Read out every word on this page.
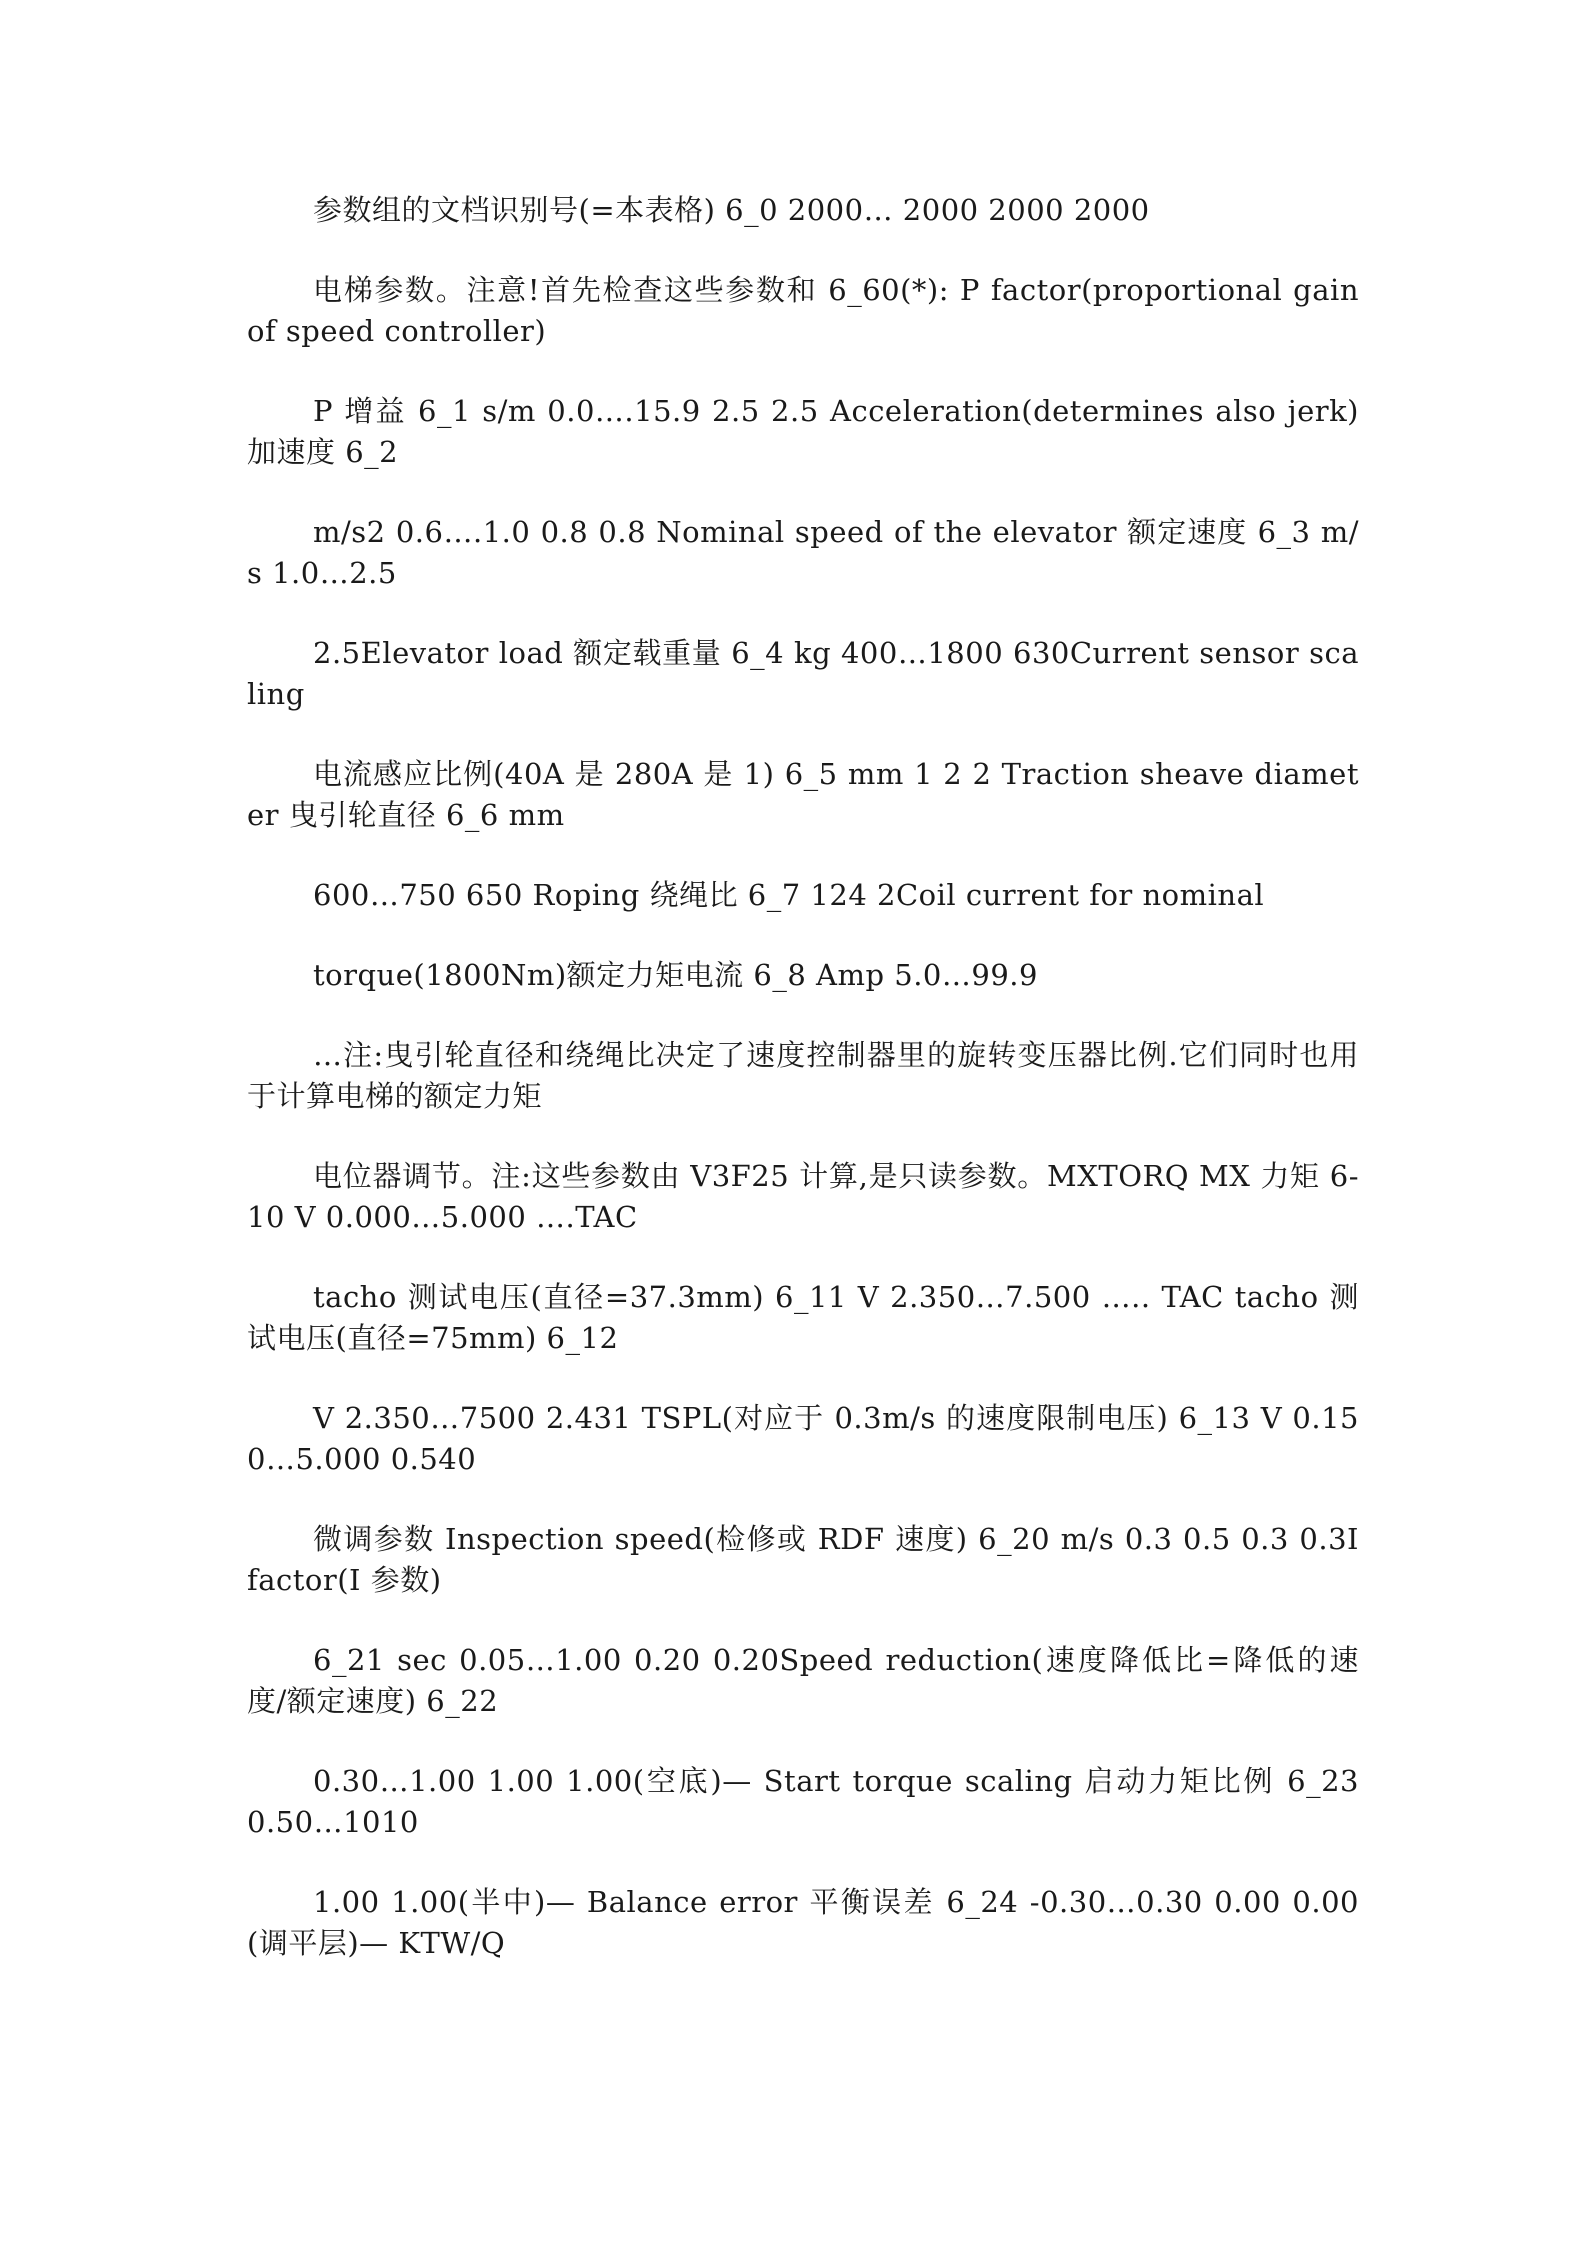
参数组的文档识别号(=本表格) 6_0 2000… 2000 2000 2000

电梯参数。注意!首先检查这些参数和 6_60(*): P factor(proportional gain of speed controller)

P 增益 6_1 s/m 0.0….15.9 2.5 2.5 Acceleration(determines also jerk)加速度 6_2

m/s2 0.6….1.0 0.8 0.8 Nominal speed of the elevator 额定速度 6_3 m/s 1.0…2.5

2.5Elevator load 额定载重量 6_4 kg 400…1800 630Current sensor scaling

电流感应比例(40A 是 280A 是 1) 6_5 mm 1 2 2 Traction sheave diameter 曳引轮直径 6_6 mm

600…750 650 Roping 绕绳比 6_7 124 2Coil current for nominal

torque(1800Nm)额定力矩电流 6_8 Amp 5.0…99.9

…注:曳引轮直径和绕绳比决定了速度控制器里的旋转变压器比例.它们同时也用于计算电梯的额定力矩

电位器调节。注:这些参数由 V3F25 计算,是只读参数。MXTORQ MX 力矩 6-10 V 0.000…5.000 ….TAC

tacho 测试电压(直径=37.3mm) 6_11 V 2.350…7.500 ….. TAC tacho 测试电压(直径=75mm) 6_12

V 2.350…7500 2.431 TSPL(对应于 0.3m/s 的速度限制电压) 6_13 V 0.150…5.000 0.540

微调参数 Inspection speed(检修或 RDF 速度) 6_20 m/s 0.3 0.5 0.3 0.3I factor(I 参数)

6_21 sec 0.05…1.00 0.20 0.20Speed reduction(速度降低比=降低的速度/额定速度) 6_22

0.30…1.00 1.00 1.00(空底)— Start torque scaling 启动力矩比例 6_23 0.50…1010

1.00 1.00(半中)— Balance error 平衡误差 6_24 -0.30…0.30 0.00 0.00(调平层)— KTW/Q
